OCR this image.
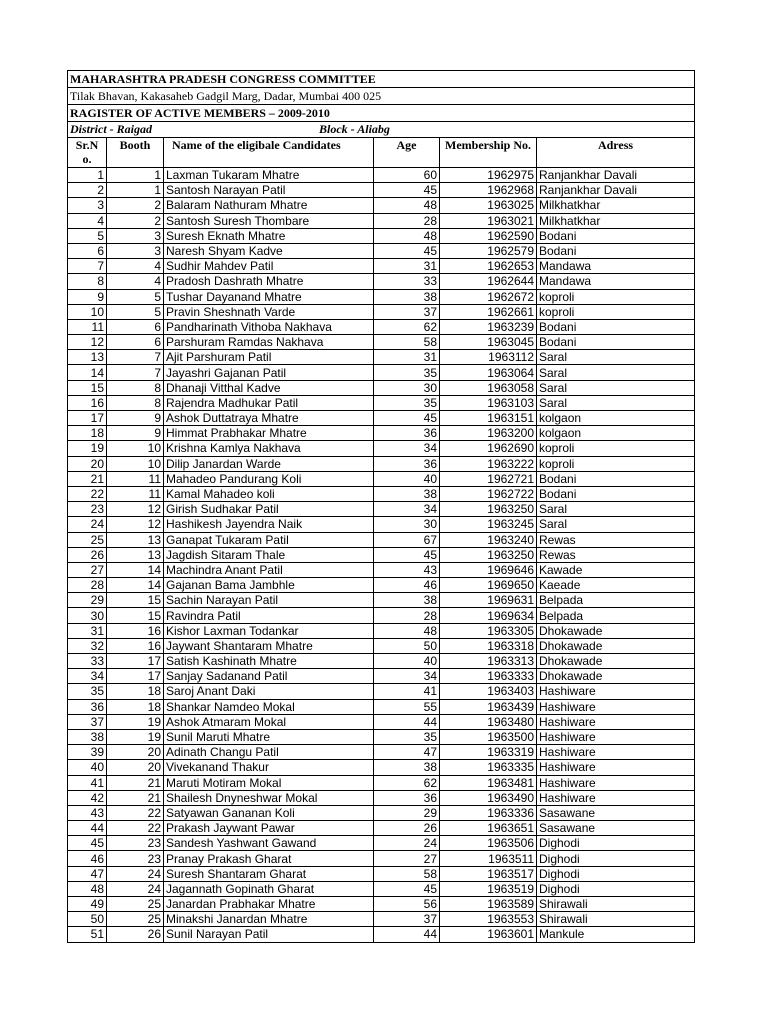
MAHARASHTRA PRADESH CONGRESS COMMITTEE					
Tilak Bhavan, Kakasaheb Gadgil Marg, Dadar, Mumbai 400 025					
RAGISTER OF ACTIVE MEMBERS – 2009-2010					
District - Raigad Block - Aliabg					
Sr.N o.	Booth	Name of the eligibale Candidates	Age	Membership No.	Adress
1	1	Laxman Tukaram Mhatre	60	1962975	Ranjankhar Davali
2	1	Santosh Narayan Patil	45	1962968	Ranjankhar Davali
3	2	Balaram Nathuram Mhatre	48	1963025	Milkhatkhar
4	2	Santosh Suresh Thombare	28	1963021	Milkhatkhar
5	3	Suresh Eknath Mhatre	48	1962590	Bodani
6	3	Naresh Shyam Kadve	45	1962579	Bodani
7	4	Sudhir Mahdev Patil	31	1962653	Mandawa
8	4	Pradosh Dashrath Mhatre	33	1962644	Mandawa
9	5	Tushar Dayanand Mhatre	38	1962672	koproli
10	5	Pravin Sheshnath Varde	37	1962661	koproli
11	6	Pandharinath Vithoba Nakhava	62	1963239	Bodani
12	6	Parshuram Ramdas Nakhava	58	1963045	Bodani
13	7	Ajit Parshuram Patil	31	1963112	Saral
14	7	Jayashri Gajanan Patil	35	1963064	Saral
15	8	Dhanaji Vitthal Kadve	30	1963058	Saral
16	8	Rajendra Madhukar Patil	35	1963103	Saral
17	9	Ashok Duttatraya Mhatre	45	1963151	kolgaon
18	9	Himmat Prabhakar Mhatre	36	1963200	kolgaon
19	10	Krishna Kamlya Nakhava	34	1962690	koproli
20	10	Dilip Janardan Warde	36	1963222	koproli
21	11	Mahadeo Pandurang Koli	40	1962721	Bodani
22	11	Kamal Mahadeo koli	38	1962722	Bodani
23	12	Girish Sudhakar Patil	34	1963250	Saral
24	12	Hashikesh Jayendra Naik	30	1963245	Saral
25	13	Ganapat Tukaram Patil	67	1963240	Rewas
26	13	Jagdish Sitaram Thale	45	1963250	Rewas
27	14	Machindra Anant Patil	43	1969646	Kawade
28	14	Gajanan Bama Jambhle	46	1969650	Kaeade
29	15	Sachin Narayan Patil	38	1969631	Belpada
30	15	Ravindra Patil	28	1969634	Belpada
31	16	Kishor Laxman Todankar	48	1963305	Dhokawade
32	16	Jaywant Shantaram Mhatre	50	1963318	Dhokawade
33	17	Satish Kashinath Mhatre	40	1963313	Dhokawade
34	17	Sanjay Sadanand Patil	34	1963333	Dhokawade
35	18	Saroj Anant Daki	41	1963403	Hashiware
36	18	Shankar Namdeo Mokal	55	1963439	Hashiware
37	19	Ashok Atmaram Mokal	44	1963480	Hashiware
38	19	Sunil Maruti Mhatre	35	1963500	Hashiware
39	20	Adinath Changu Patil	47	1963319	Hashiware
40	20	Vivekanand Thakur	38	1963335	Hashiware
41	21	Maruti Motiram Mokal	62	1963481	Hashiware
42	21	Shailesh Dnyneshwar Mokal	36	1963490	Hashiware
43	22	Satyawan Gananan Koli	29	1963336	Sasawane
44	22	Prakash Jaywant Pawar	26	1963651	Sasawane
45	23	Sandesh Yashwant Gawand	24	1963506	Dighodi
46	23	Pranay Prakash Gharat	27	1963511	Dighodi
47	24	Suresh Shantaram Gharat	58	1963517	Dighodi
48	24	Jagannath Gopinath Gharat	45	1963519	Dighodi
49	25	Janardan Prabhakar Mhatre	56	1963589	Shirawali
50	25	Minakshi Janardan Mhatre	37	1963553	Shirawali
51	26	Sunil Narayan Patil	44	1963601	Mankule
